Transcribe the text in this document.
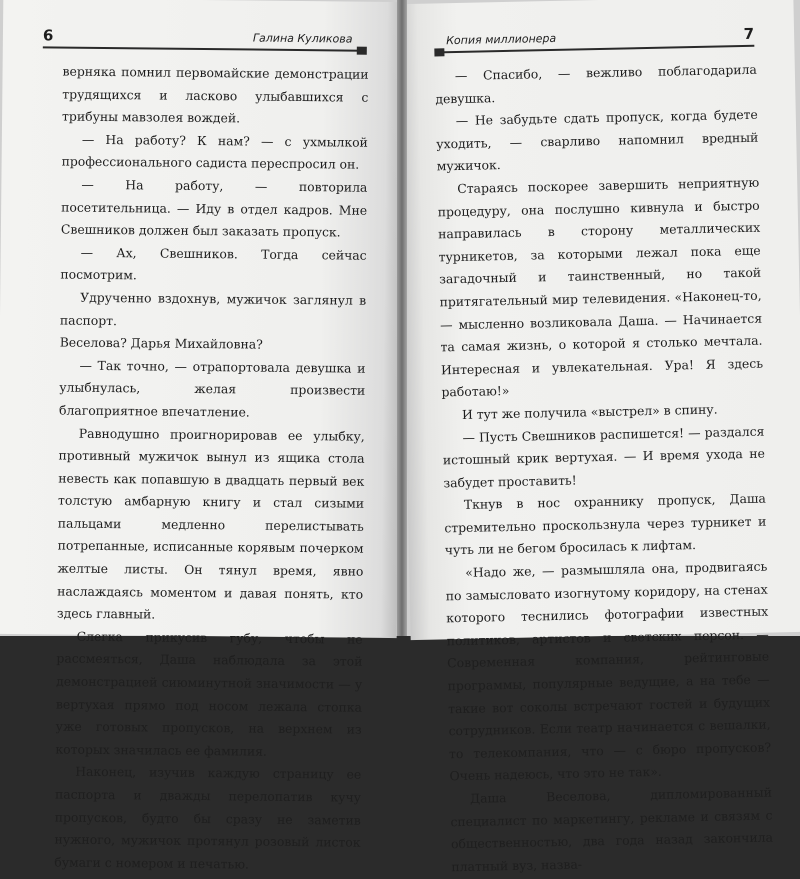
6	Галина Куликова

верняка помнил первомайские демонстрации трудящихся и ласково улыбавшихся с трибуны мавзолея вождей.

— На работу? К нам? — с ухмылкой профессионального садиста переспросил он.

— На работу, — повторила посетительница. — Иду в отдел кадров. Мне Свешников должен был заказать пропуск.

— Ах, Свешников. Тогда сейчас посмотрим.

Удрученно вздохнув, мужичок заглянул в паспорт.

Веселова? Дарья Михайловна?

— Так точно, — отрапортовала девушка и улыбнулась, желая произвести благоприятное впечатление.

Равнодушно проигнорировав ее улыбку, противный мужичок вынул из ящика стола невесть как попавшую в двадцать первый век толстую амбарную книгу и стал сизыми пальцами медленно перелистывать потрепанные, исписанные корявым почерком желтые листы. Он тянул время, явно наслаждаясь моментом и давая понять, кто здесь главный.

Слегка прикусив губу, чтобы не рассмеяться, Даша наблюдала за этой демонстрацией сиюминутной значимости — у вертухая прямо под носом лежала стопка уже готовых пропусков, на верхнем из которых значилась ее фамилия.

Наконец, изучив каждую страницу ее паспорта и дважды перелопатив кучу пропусков, будто бы сразу не заметив нужного, мужичок протянул розовый листок бумаги с номером и печатью.

Копия миллионера	7

— Спасибо, — вежливо поблагодарила девушка.

— Не забудьте сдать пропуск, когда будете уходить, — сварливо напомнил вредный мужичок.

Стараясь поскорее завершить неприятную процедуру, она послушно кивнула и быстро направилась в сторону металлических турникетов, за которыми лежал пока еще загадочный и таинственный, но такой притягательный мир телевидения. «Наконец-то, — мысленно возликовала Даша. — Начинается та самая жизнь, о которой я столько мечтала. Интересная и увлекательная. Ура! Я здесь работаю!»

И тут же получила «выстрел» в спину.

— Пусть Свешников распишется! — раздался истошный крик вертухая. — И время ухода не забудет проставить!

Ткнув в нос охраннику пропуск, Даша стремительно проскользнула через турникет и чуть ли не бегом бросилась к лифтам.

«Надо же, — размышляла она, продвигаясь по замысловато изогнутому коридору, на стенах которого теснились фотографии известных политиков, артистов и светских персон. — Современная компания, рейтинговые программы, популярные ведущие, а на тебе — такие вот соколы встречают гостей и будущих сотрудников. Если театр начинается с вешалки, то телекомпания, что — с бюро пропусков? Очень надеюсь, что это не так».

Даша Веселова, дипломированный специалист по маркетингу, рекламе и связям с общественностью, два года назад закончила платный вуз, назва-
